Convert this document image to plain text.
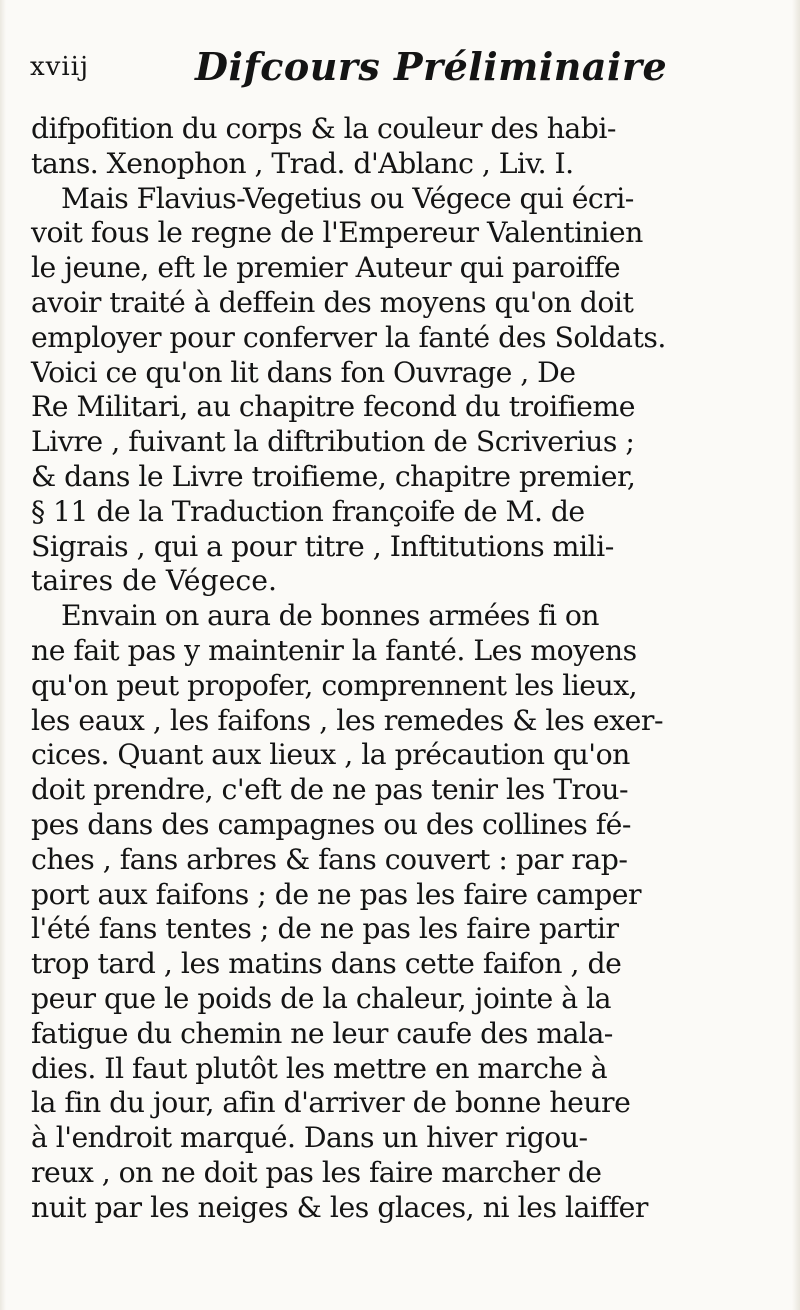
xviij	Difcours Préliminaire
difpofition du corps & la couleur des habi-
tans. Xenophon , Trad. d'Ablanc , Liv. I.
Mais Flavius-Vegetius ou Végece qui écri-
voit fous le regne de l'Empereur Valentinien
le jeune, eft le premier Auteur qui paroiffe
avoir traité à deffein des moyens qu'on doit
employer pour conferver la fanté des Soldats.
Voici ce qu'on lit dans fon Ouvrage , De
Re Militari, au chapitre fecond du troifieme
Livre , fuivant la diftribution de Scriverius ;
& dans le Livre troifieme, chapitre premier,
§ 11 de la Traduction françoife de M. de
Sigrais , qui a pour titre , Inftitutions mili-
taires de Végece.
Envain on aura de bonnes armées fi on
ne fait pas y maintenir la fanté. Les moyens
qu'on peut propofer, comprennent les lieux,
les eaux , les faifons , les remedes & les exer-
cices. Quant aux lieux , la précaution qu'on
doit prendre, c'eft de ne pas tenir les Trou-
pes dans des campagnes ou des collines fé-
ches , fans arbres & fans couvert : par rap-
port aux faifons ; de ne pas les faire camper
l'été fans tentes ; de ne pas les faire partir
trop tard , les matins dans cette faifon , de
peur que le poids de la chaleur, jointe à la
fatigue du chemin ne leur caufe des mala-
dies. Il faut plutôt les mettre en marche à
la fin du jour, afin d'arriver de bonne heure
à l'endroit marqué. Dans un hiver rigou-
reux , on ne doit pas les faire marcher de
nuit par les neiges & les glaces, ni les laiffer
